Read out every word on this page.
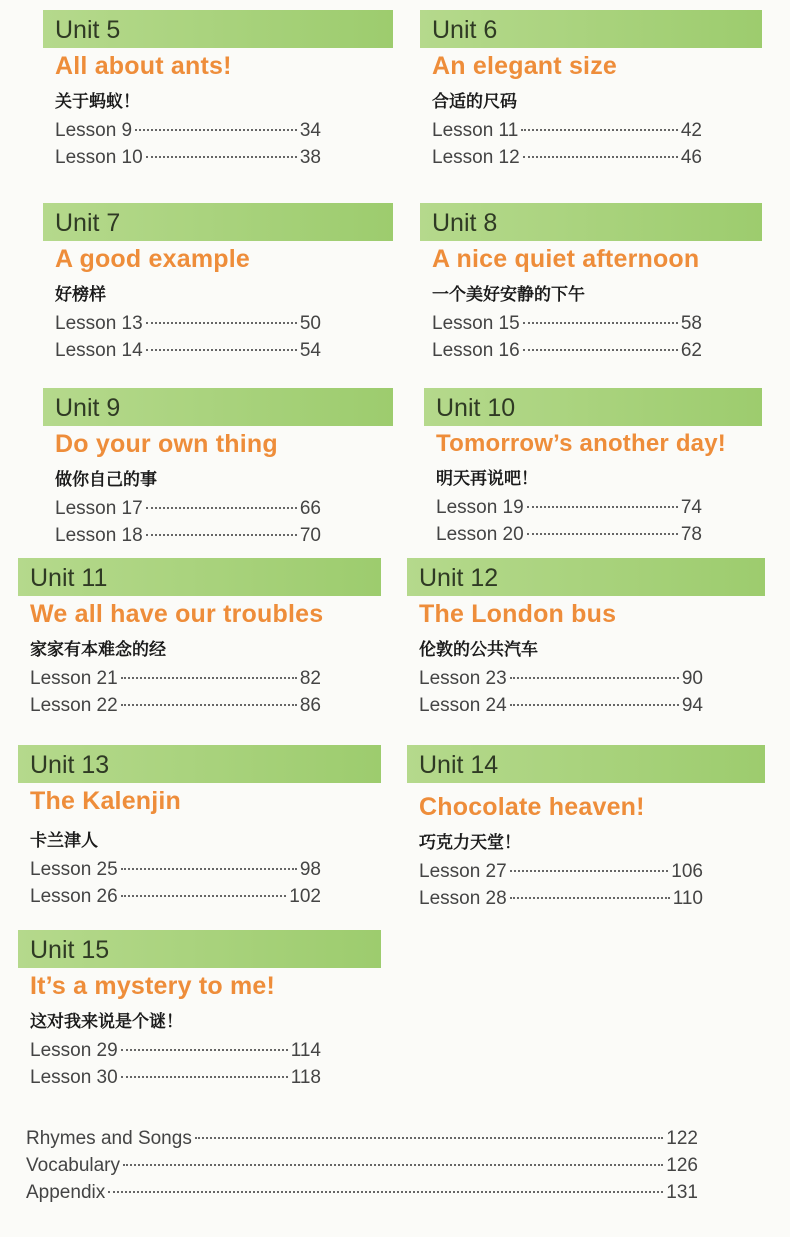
Unit 5
All about ants!
关于蚂蚁！
Lesson 9	34
Lesson 10	38
Unit 6
An elegant size
合适的尺码
Lesson 11	42
Lesson 12	46
Unit 7
A good example
好榜样
Lesson 13	50
Lesson 14	54
Unit 8
A nice quiet afternoon
一个美好安静的下午
Lesson 15	58
Lesson 16	62
Unit 9
Do your own thing
做你自己的事
Lesson 17	66
Lesson 18	70
Unit 10
Tomorrow’s another day!
明天再说吧！
Lesson 19	74
Lesson 20	78
Unit 11
We all have our troubles
家家有本难念的经
Lesson 21	82
Lesson 22	86
Unit 12
The London bus
伦敦的公共汽车
Lesson 23	90
Lesson 24	94
Unit 13
The Kalenjin
卡兰津人
Lesson 25	98
Lesson 26	102
Unit 14
Chocolate heaven!
巧克力天堂！
Lesson 27	106
Lesson 28	110
Unit 15
It’s a mystery to me!
这对我来说是个谜！
Lesson 29	114
Lesson 30	118
Rhymes and Songs	122
Vocabulary	126
Appendix	131
